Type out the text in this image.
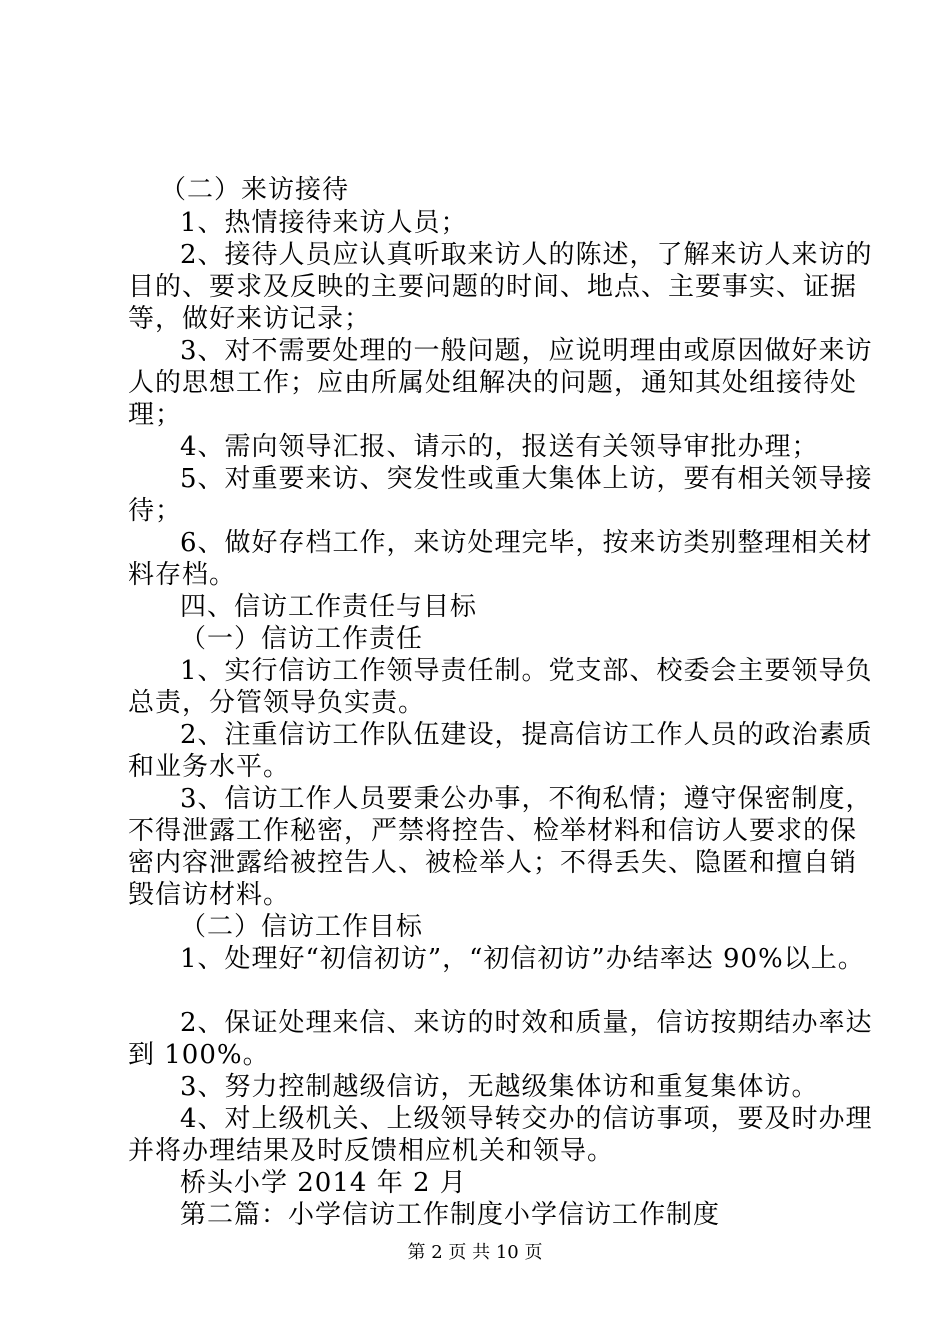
（二）来访接待
1、热情接待来访人员；
2、接待人员应认真听取来访人的陈述，了解来访人来访的
目的、要求及反映的主要问题的时间、地点、主要事实、证据
等，做好来访记录；
3、对不需要处理的一般问题，应说明理由或原因做好来访
人的思想工作；应由所属处组解决的问题，通知其处组接待处
理；
4、需向领导汇报、请示的，报送有关领导审批办理；
5、对重要来访、突发性或重大集体上访，要有相关领导接
待；
6、做好存档工作，来访处理完毕，按来访类别整理相关材
料存档。
四、信访工作责任与目标
（一）信访工作责任
1、实行信访工作领导责任制。党支部、校委会主要领导负
总责，分管领导负实责。
2、注重信访工作队伍建设，提高信访工作人员的政治素质
和业务水平。
3、信访工作人员要秉公办事，不徇私情；遵守保密制度，
不得泄露工作秘密，严禁将控告、检举材料和信访人要求的保
密内容泄露给被控告人、被检举人；不得丢失、隐匿和擅自销
毁信访材料。
（二）信访工作目标
1、处理好“初信初访”，“初信初访”办结率达 90%以上。
2、保证处理来信、来访的时效和质量，信访按期结办率达
到 100%。
3、努力控制越级信访，无越级集体访和重复集体访。
4、对上级机关、上级领导转交办的信访事项，要及时办理
并将办理结果及时反馈相应机关和领导。
桥头小学 2014 年 2 月
第二篇：小学信访工作制度小学信访工作制度
第 2 页 共 10 页
